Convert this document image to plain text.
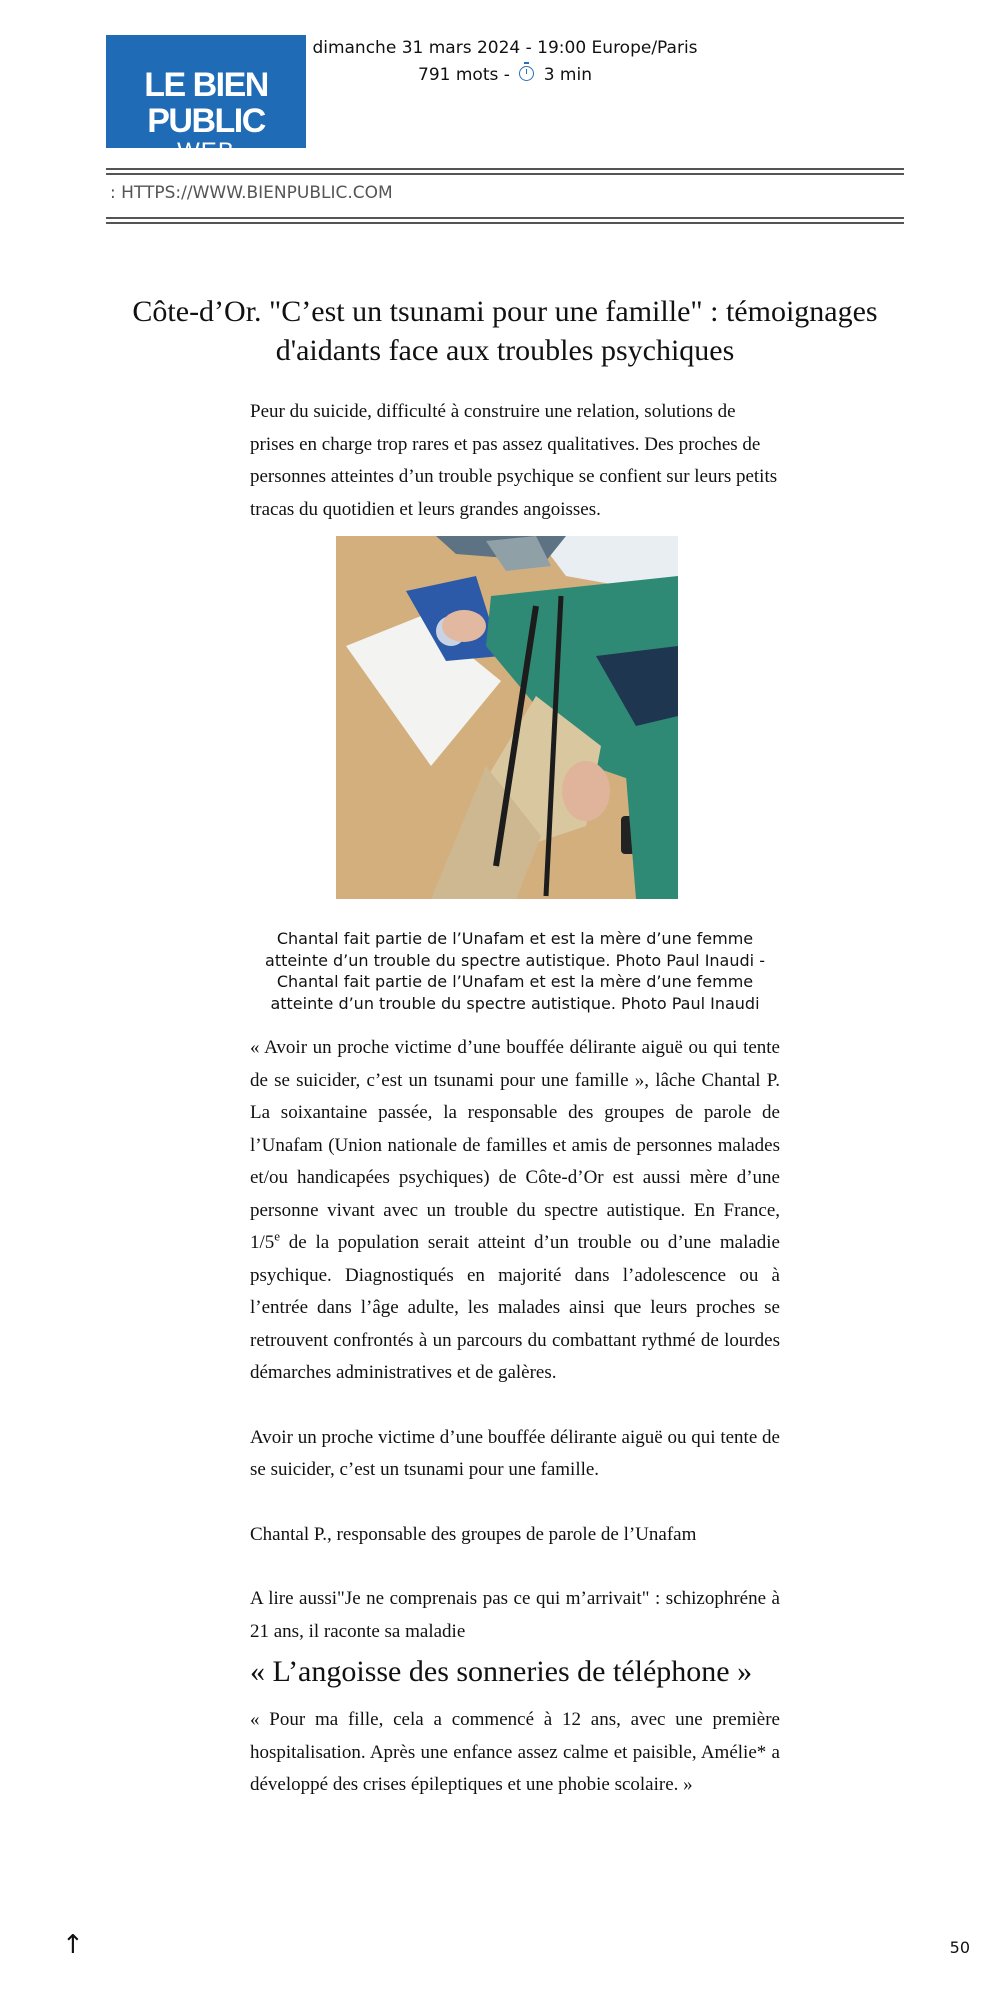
LE BIEN PUBLIC
WEB
dimanche 31 mars 2024 - 19:00 Europe/Paris
791 mots - 3 min
: HTTPS://WWW.BIENPUBLIC.COM
Côte-d’Or. "C’est un tsunami pour une famille" : témoignages d'aidants face aux troubles psychiques
Peur du suicide, difficulté à construire une relation, solutions de prises en charge trop rares et pas assez qualitatives. Des proches de personnes atteintes d’un trouble psychique se confient sur leurs petits tracas du quotidien et leurs grandes angoisses.
Chantal fait partie de l’Unafam et est la mère d’une femme atteinte d’un trouble du spectre autistique. Photo Paul Inaudi - Chantal fait partie de l’Unafam et est la mère d’une femme atteinte d’un trouble du spectre autistique. Photo Paul Inaudi

« Avoir un proche victime d’une bouffée délirante aiguë ou qui tente de se suicider, c’est un tsunami pour une famille », lâche Chantal P. La soixantaine passée, la responsable des groupes de parole de l’Unafam (Union nationale de familles et amis de personnes malades et/ou handicapées psychiques) de Côte-d’Or est aussi mère d’une personne vivant avec un trouble du spectre autistique. En France, 1/5e de la population serait atteint d’un trouble ou d’une maladie psychique. Diagnostiqués en majorité dans l’adolescence ou à l’entrée dans l’âge adulte, les malades ainsi que leurs proches se retrouvent confrontés à un parcours du combattant rythmé de lourdes démarches administratives et de galères.

Avoir un proche victime d’une bouffée délirante aiguë ou qui tente de se suicider, c’est un tsunami pour une famille.

Chantal P., responsable des groupes de parole de l’Unafam

A lire aussi"Je ne comprenais pas ce qui m’arrivait" : schizophréne à 21 ans, il raconte sa maladie

« L’angoisse des sonneries de téléphone »

« Pour ma fille, cela a commencé à 12 ans, avec une première hospitalisation. Après une enfance assez calme et paisible, Amélie* a développé des crises épileptiques et une phobie scolaire. »

↑	50
